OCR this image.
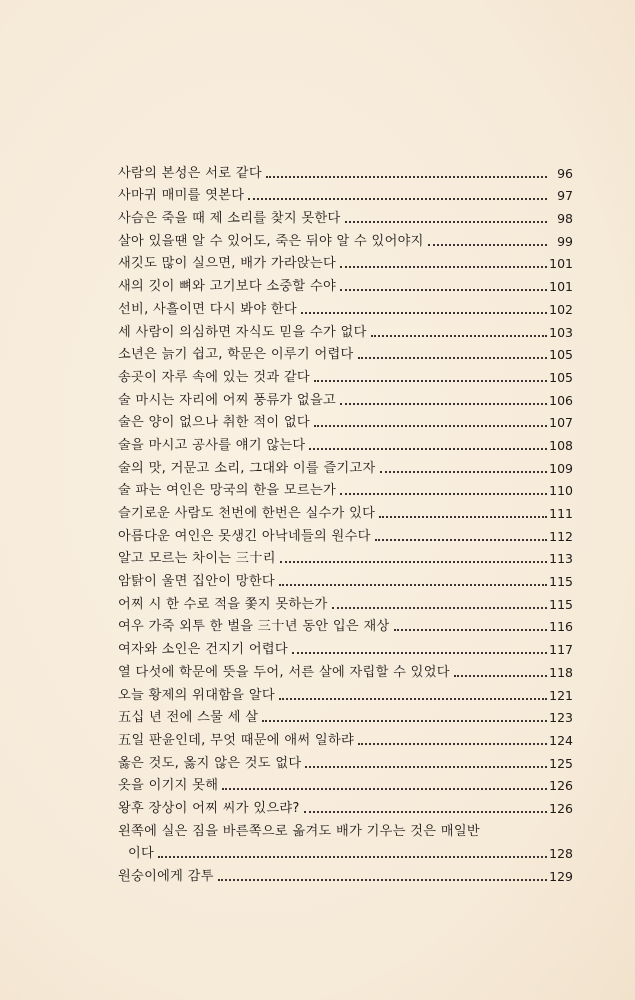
사람의 본성은 서로 같다	96
사마귀 매미를 엿본다	97
사슴은 죽을 때 제 소리를 찾지 못한다	98
살아 있을땐 알 수 있어도, 죽은 뒤야 알 수 있어야지	99
새깃도 많이 실으면, 배가 가라앉는다	101
새의 깃이 뼈와 고기보다 소중할 수야	101
선비, 사흘이면 다시 봐야 한다	102
세 사람이 의심하면 자식도 믿을 수가 없다	103
소년은 늙기 쉽고, 학문은 이루기 어렵다	105
송곳이 자루 속에 있는 것과 같다	105
술 마시는 자리에 어찌 풍류가 없을고	106
술은 양이 없으나 취한 적이 없다	107
술을 마시고 공사를 얘기 않는다	108
술의 맛, 거문고 소리, 그대와 이를 즐기고자	109
술 파는 여인은 망국의 한을 모르는가	110
슬기로운 사람도 천번에 한번은 실수가 있다	111
아름다운 여인은 못생긴 아낙네들의 원수다	112
알고 모르는 차이는 三十리	113
암탉이 울면 집안이 망한다	115
어찌 시 한 수로 적을 쫓지 못하는가	115
여우 가죽 외투 한 벌을 三十년 동안 입은 재상	116
여자와 소인은 건지기 어렵다	117
열 다섯에 학문에 뜻을 두어, 서른 살에 자립할 수 있었다	118
오늘 황제의 위대함을 알다	121
五십 년 전에 스물 세 살	123
五일 판윤인데, 무엇 때문에 애써 일하랴	124
옳은 것도, 옳지 않은 것도 없다	125
옷을 이기지 못해	126
왕후 장상이 어찌 씨가 있으랴?	126
왼쪽에 실은 짐을 바른쪽으로 옮겨도 배가 기우는 것은 매일반
이다	128
원숭이에게 감투	129
